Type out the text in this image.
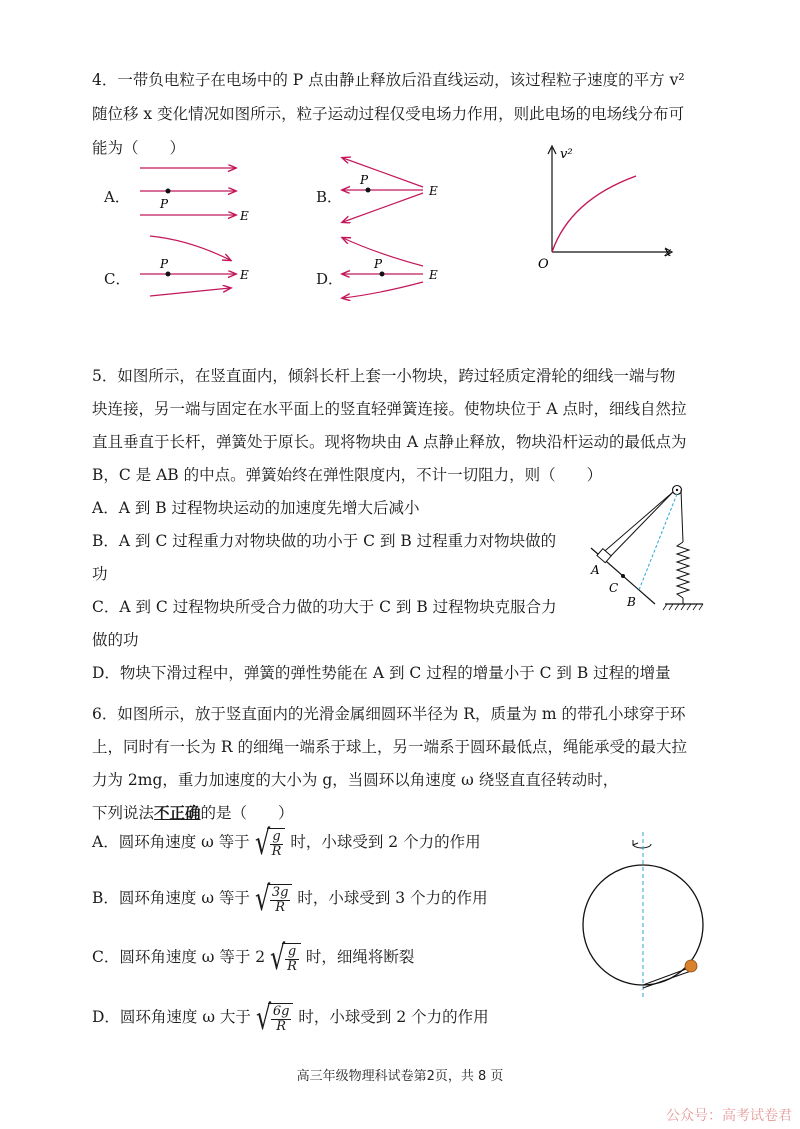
4．一带负电粒子在电场中的 P 点由静止释放后沿直线运动，该过程粒子速度的平方 v²
随位移 x 变化情况如图所示，粒子运动过程仅受电场力作用，则此电场的电场线分布可
能为（　　）
A．	B．
C．	D．
P
E
P
E
P
E
P
E
v²
x
O
5．如图所示，在竖直面内，倾斜长杆上套一小物块，跨过轻质定滑轮的细线一端与物
块连接，另一端与固定在水平面上的竖直轻弹簧连接。使物块位于 A 点时，细线自然拉
直且垂直于长杆，弹簧处于原长。现将物块由 A 点静止释放，物块沿杆运动的最低点为
B，C 是 AB 的中点。弹簧始终在弹性限度内，不计一切阻力，则（　　）
A．A 到 B 过程物块运动的加速度先增大后减小
B．A 到 C 过程重力对物块做的功小于 C 到 B 过程重力对物块做的
功
C．A 到 C 过程物块所受合力做的功大于 C 到 B 过程物块克服合力
做的功
D．物块下滑过程中，弹簧的弹性势能在 A 到 C 过程的增量小于 C 到 B 过程的增量
A
C
B
6．如图所示，放于竖直面内的光滑金属细圆环半径为 R，质量为 m 的带孔小球穿于环
上，同时有一长为 R 的细绳一端系于球上，另一端系于圆环最低点，绳能承受的最大拉
力为 2mg，重力加速度的大小为 g，当圆环以角速度 ω 绕竖直直径转动时，
下列说法不正确的是（　　）
A．圆环角速度 ω 等于 √ $\frac{g}{R}$ 时，小球受到 2 个力的作用
B．圆环角速度 ω 等于 √ $\frac{3g}{R}$ 时，小球受到 3 个力的作用
C．圆环角速度 ω 等于 2 √ $\frac{g}{R}$ 时，细绳将断裂
D．圆环角速度 ω 大于 √ $\frac{6g}{R}$ 时，小球受到 2 个力的作用
高三年级物理科试卷第2页，共 8 页
公众号：高考试卷君
